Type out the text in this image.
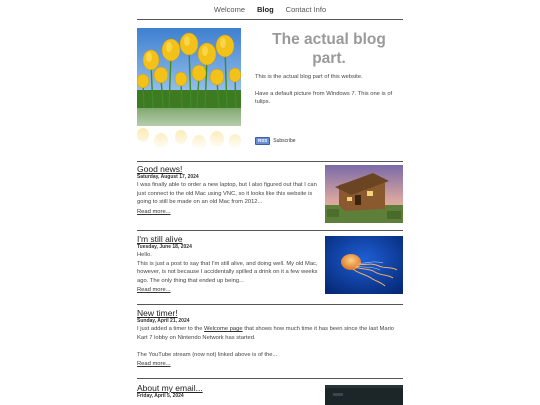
Welcome Blog Contact Info
The actual blog part.

This is the actual blog part of this website.

Have a default picture from Windows 7. This one is of tulips.

RSS	Subscribe
Good news!
Saturday, August 17, 2024
I was finally able to order a new laptop, but I also figured out that I can just connect to the old Mac using VNC, so it looks like this website is going to still be made on an old Mac from 2012...
Read more...
I'm still alive
Tuesday, June 18, 2024

Hello.

This is just a post to say that I'm still alive, and doing well. My old Mac, however, is not because I accidentally spilled a drink on it a few weeks ago. The only thing that ended up being...

Read more...
New timer!
Sunday, April 21, 2024

I just added a timer to the Welcome page that shows how much time it has been since the last Mario Kart 7 lobby on Nintendo Network has started.

The YouTube stream (now not) linked above is of the...

Read more...
About my email...
Friday, April 5, 2024
